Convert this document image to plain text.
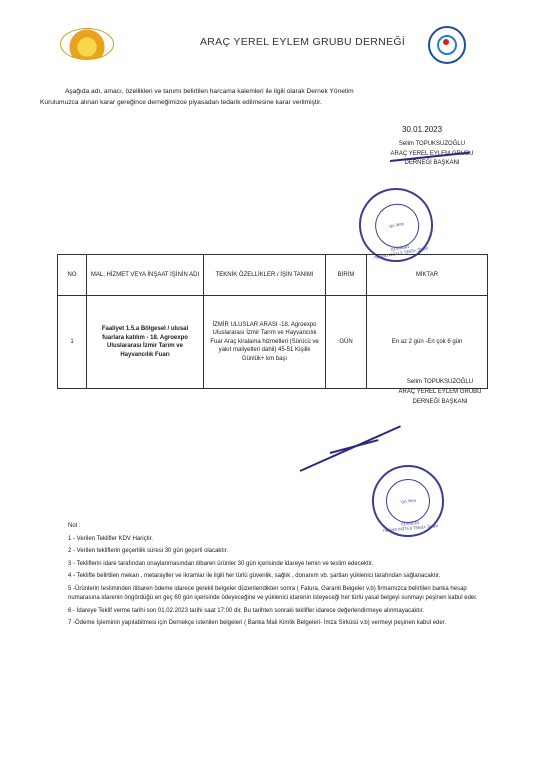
ARAÇ YEREL EYLEM GRUBU DERNEĞİ
Aşağıda adı, amacı, özellikleri ve tanımı belirtilen harcama kalemleri ile ilgili olarak Dernek Yönetim
Kurulumuzca alınan karar gereğince derneğimizce piyasadan tedarik edilmesine karar verilmiştir.
30.01.2023
Selim TOPUKSUZOĞLU
ARAÇ YEREL EYLEM GRUBU
DERNEĞİ BAŞKANI
ARAÇ YEREL EYLEM GRUBU DERNEĞİ
Araç VD.
NO	MAL, HİZMET VEYA İNŞAAT İŞİNİN ADI	TEKNİK ÖZELLİKLER / İŞİN TANIMI	BİRİM	MİKTAR
1	Faaliyet 1.5.a Bölgesel / ulusal fuarlara katılım - 18. Agroexpo Uluslararası İzmir Tarım ve Hayvancılık Fuarı	İZMİR ULUSLAR ARASI -18. Agroexpo Uluslararası İzmir Tarım ve Hayvancılık Fuar Araç kiralama hizmetleri (Sürücü ve yakıt maliyetleri dahil) 45-51 Kişilik Günlük+ km başı	GÜN	En az 2 gün -En çok 6 gün
Selim TOPUKSUZOĞLU
ARAÇ YEREL EYLEM GRUBU
DERNEĞİ BAŞKANI
ARAÇ YEREL EYLEM GRUBU DERNEĞİ
Araç VD.
Not :
1 - Verilen Teklifler KDV Hariçtir.
2 - Verilen tekliflerin geçerlilik süresi 30 gün geçerli olacaktır.
3 - Tekliflerin idare tarafından onaylanmasından itibaren ürünler 30 gün içerisinde idareye temin ve teslim edecektir.
4 - Teklifte belirtilen mekan , metarayller ve ikramlar ile ilgili her türlü güvenlik, sağlık , donanım vb. şartları yüklenici tarafından sağlanacaktır.
5 -Ürünlerin tesliminden itibaren ödeme idarece gerekli belgeler düzenlendikten sonra ( Fatura, Garanti Belgeler v.b) firmamızca belirtilen banka hesap numarasına idarenin öngördüğü en geç 60 gün içerisinde ödeyeceğine ve yüklenici idarenin isteyeceği her türlü yasal belgeyi sunmayı peşinen kabul eder.
6 - İdareye Teklif verme tarihi son 01.02.2023 tarihi saat 17:00 dir. Bu tarihten sonraki teklifler idarece değerlendirmeye alınmayacaktır.
7 -Ödeme İşleminin yapılabilmesi için Dernekçe istenilen belgeleri ( Banka Mali Kimlik Belgeleri- İmza Sirküsü v.b) vermeyi peşinen kabul eder.
